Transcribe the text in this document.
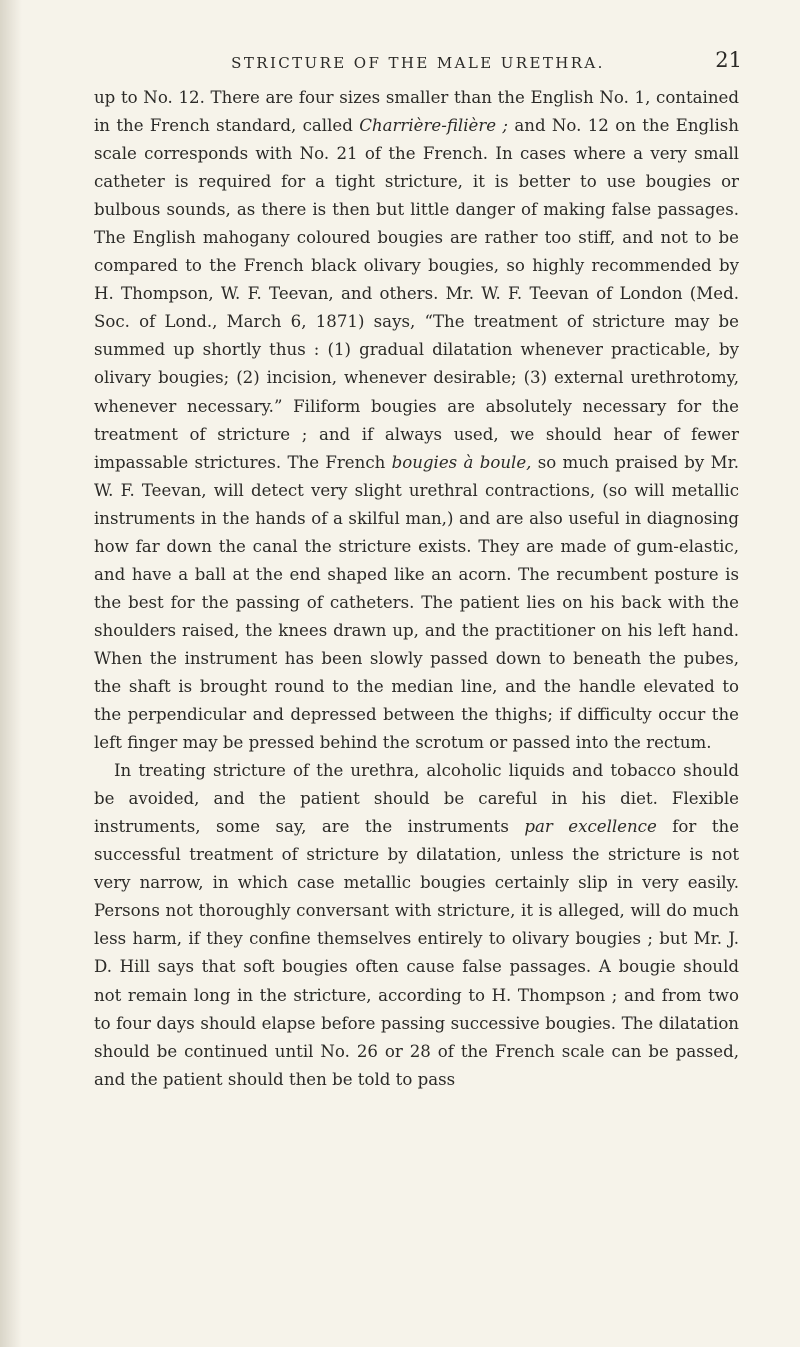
STRICTURE OF THE MALE URETHRA.	21

up to No. 12. There are four sizes smaller than the English No. 1, contained in the French standard, called Charrière-filière ; and No. 12 on the English scale corresponds with No. 21 of the French. In cases where a very small catheter is required for a tight stricture, it is better to use bougies or bulbous sounds, as there is then but little danger of making false passages. The English mahogany coloured bougies are rather too stiff, and not to be compared to the French black olivary bougies, so highly recommended by H. Thompson, W. F. Teevan, and others. Mr. W. F. Teevan of London (Med. Soc. of Lond., March 6, 1871) says, “The treatment of stricture may be summed up shortly thus : (1) gradual dilatation whenever practicable, by olivary bougies; (2) incision, whenever desirable; (3) external urethrotomy, whenever necessary.” Filiform bougies are absolutely necessary for the treatment of stricture ; and if always used, we should hear of fewer impassable strictures. The French bougies à boule, so much praised by Mr. W. F. Teevan, will detect very slight urethral contractions, (so will metallic instruments in the hands of a skilful man,) and are also useful in diagnosing how far down the canal the stricture exists. They are made of gum-elastic, and have a ball at the end shaped like an acorn. The recumbent posture is the best for the passing of catheters. The patient lies on his back with the shoulders raised, the knees drawn up, and the practitioner on his left hand. When the instrument has been slowly passed down to beneath the pubes, the shaft is brought round to the median line, and the handle elevated to the perpendicular and depressed between the thighs; if difficulty occur the left finger may be pressed behind the scrotum or passed into the rectum.

In treating stricture of the urethra, alcoholic liquids and tobacco should be avoided, and the patient should be careful in his diet. Flexible instruments, some say, are the instruments par excellence for the successful treatment of stricture by dilatation, unless the stricture is not very narrow, in which case metallic bougies certainly slip in very easily. Persons not thoroughly conversant with stricture, it is alleged, will do much less harm, if they confine themselves entirely to olivary bougies ; but Mr. J. D. Hill says that soft bougies often cause false passages. A bougie should not remain long in the stricture, according to H. Thompson ; and from two to four days should elapse before passing successive bougies. The dilatation should be continued until No. 26 or 28 of the French scale can be passed, and the patient should then be told to pass
